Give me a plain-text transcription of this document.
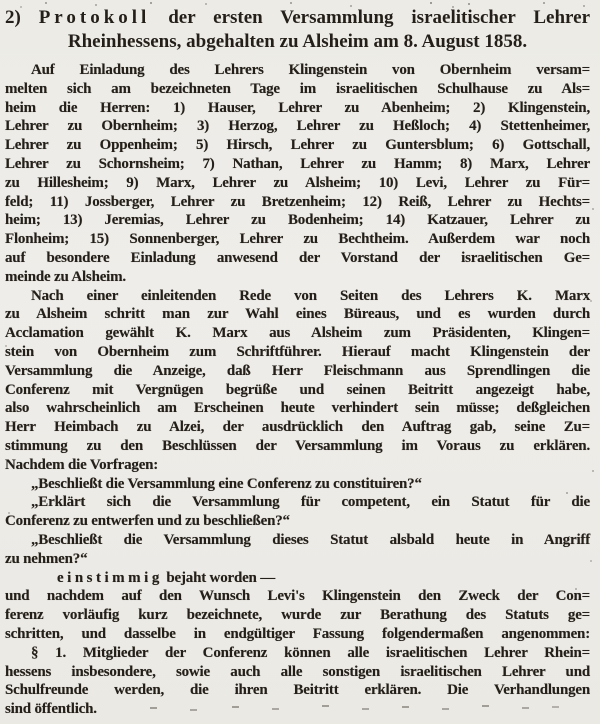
2) Protokoll der ersten Versammlung israelitischer Lehrer
Rheinhessens, abgehalten zu Alsheim am 8. August 1858.
Auf Einladung des Lehrers Klingenstein von Obernheim versam=
melten sich am bezeichneten Tage im israelitischen Schulhause zu Als=
heim die Herren: 1) Hauser, Lehrer zu Abenheim; 2) Klingenstein,
Lehrer zu Obernheim; 3) Herzog, Lehrer zu Heßloch; 4) Stettenheimer,
Lehrer zu Oppenheim; 5) Hirsch, Lehrer zu Guntersblum; 6) Gottschall,
Lehrer zu Schornsheim; 7) Nathan, Lehrer zu Hamm; 8) Marx, Lehrer
zu Hillesheim; 9) Marx, Lehrer zu Alsheim; 10) Levi, Lehrer zu Für=
feld; 11) Jossberger, Lehrer zu Bretzenheim; 12) Reiß, Lehrer zu Hechts=
heim; 13) Jeremias, Lehrer zu Bodenheim; 14) Katzauer, Lehrer zu
Flonheim; 15) Sonnenberger, Lehrer zu Bechtheim. Außerdem war noch
auf besondere Einladung anwesend der Vorstand der israelitischen Ge=
meinde zu Alsheim.
Nach einer einleitenden Rede von Seiten des Lehrers K. Marx
zu Alsheim schritt man zur Wahl eines Büreaus, und es wurden durch
Acclamation gewählt K. Marx aus Alsheim zum Präsidenten, Klingen=
stein von Obernheim zum Schriftführer. Hierauf macht Klingenstein der
Versammlung die Anzeige, daß Herr Fleischmann aus Sprendlingen die
Conferenz mit Vergnügen begrüße und seinen Beitritt angezeigt habe,
also wahrscheinlich am Erscheinen heute verhindert sein müsse; deßgleichen
Herr Heimbach zu Alzei, der ausdrücklich den Auftrag gab, seine Zu=
stimmung zu den Beschlüssen der Versammlung im Voraus zu erklären.
Nachdem die Vorfragen:
„Beschließt die Versammlung eine Conferenz zu constituiren?“
„Erklärt sich die Versammlung für competent, ein Statut für die
Conferenz zu entwerfen und zu beschließen?“
„Beschließt die Versammlung dieses Statut alsbald heute in Angriff
zu nehmen?“
einstimmig bejaht worden —
und nachdem auf den Wunsch Levi's Klingenstein den Zweck der Con=
ferenz vorläufig kurz bezeichnete, wurde zur Berathung des Statuts ge=
schritten, und dasselbe in endgültiger Fassung folgendermaßen angenommen:
§ 1. Mitglieder der Conferenz können alle israelitischen Lehrer Rhein=
hessens insbesondere, sowie auch alle sonstigen israelitischen Lehrer und
Schulfreunde werden, die ihren Beitritt erklären. Die Verhandlungen
sind öffentlich.
